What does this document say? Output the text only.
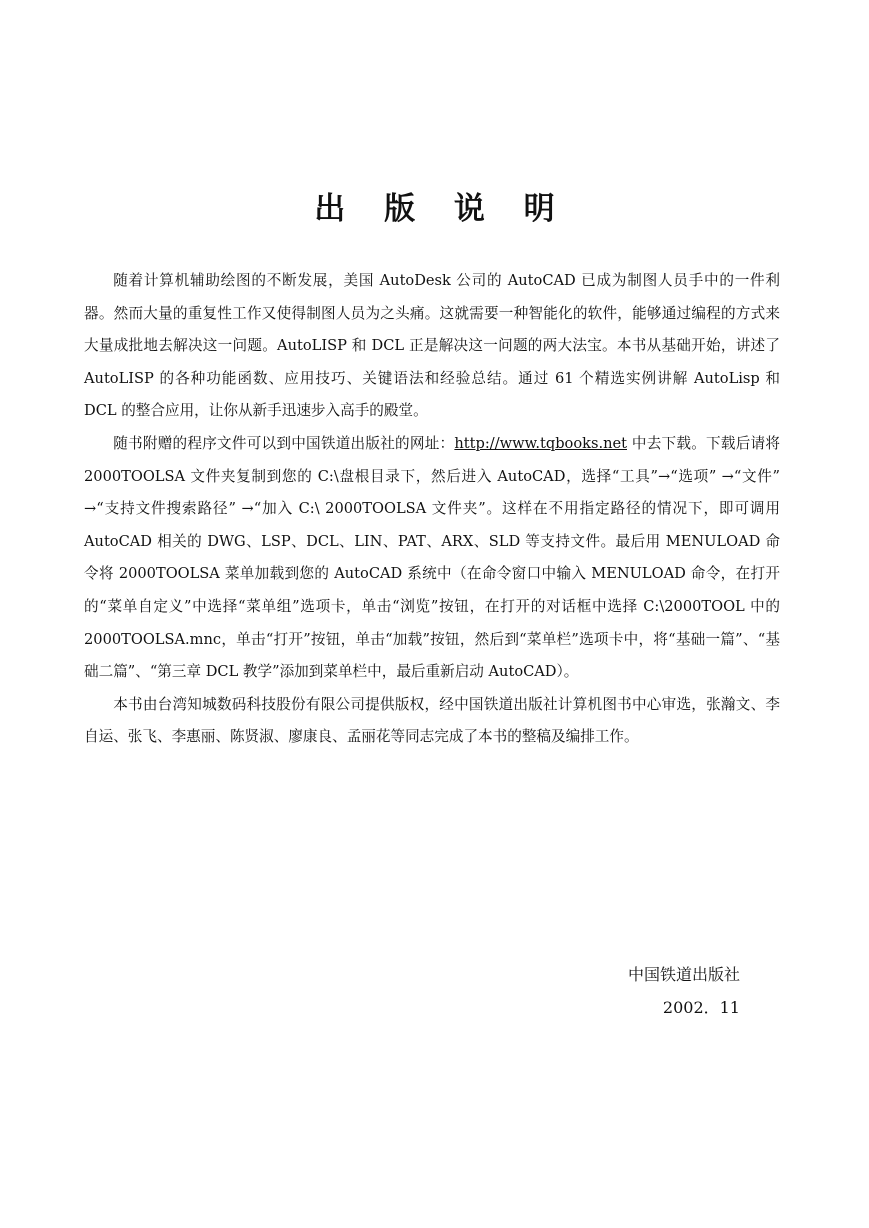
出 版 说 明

随着计算机辅助绘图的不断发展，美国 AutoDesk 公司的 AutoCAD 已成为制图人员手中的一件利器。然而大量的重复性工作又使得制图人员为之头痛。这就需要一种智能化的软件，能够通过编程的方式来大量成批地去解决这一问题。AutoLISP 和 DCL 正是解决这一问题的两大法宝。本书从基础开始，讲述了 AutoLISP 的各种功能函数、应用技巧、关键语法和经验总结。通过 61 个精选实例讲解 AutoLisp 和 DCL 的整合应用，让你从新手迅速步入高手的殿堂。

随书附赠的程序文件可以到中国铁道出版社的网址：http://www.tqbooks.net 中去下载。下载后请将 2000TOOLSA 文件夹复制到您的 C:\盘根目录下，然后进入 AutoCAD，选择“工具”→“选项” →“文件” →“支持文件搜索路径” →“加入 C:\ 2000TOOLSA 文件夹”。这样在不用指定路径的情况下，即可调用 AutoCAD 相关的 DWG、LSP、DCL、LIN、PAT、ARX、SLD 等支持文件。最后用 MENULOAD 命令将 2000TOOLSA 菜单加载到您的 AutoCAD 系统中（在命令窗口中输入 MENULOAD 命令，在打开的“菜单自定义”中选择“菜单组”选项卡，单击“浏览”按钮，在打开的对话框中选择 C:\2000TOOL 中的 2000TOOLSA.mnc，单击“打开”按钮，单击“加载”按钮，然后到“菜单栏”选项卡中，将“基础一篇”、“基础二篇”、“第三章 DCL 教学”添加到菜单栏中，最后重新启动 AutoCAD）。

本书由台湾知城数码科技股份有限公司提供版权，经中国铁道出版社计算机图书中心审选，张瀚文、李自运、张飞、李惠丽、陈贤淑、廖康良、孟丽花等同志完成了本书的整稿及编排工作。

中国铁道出版社
2002．11
